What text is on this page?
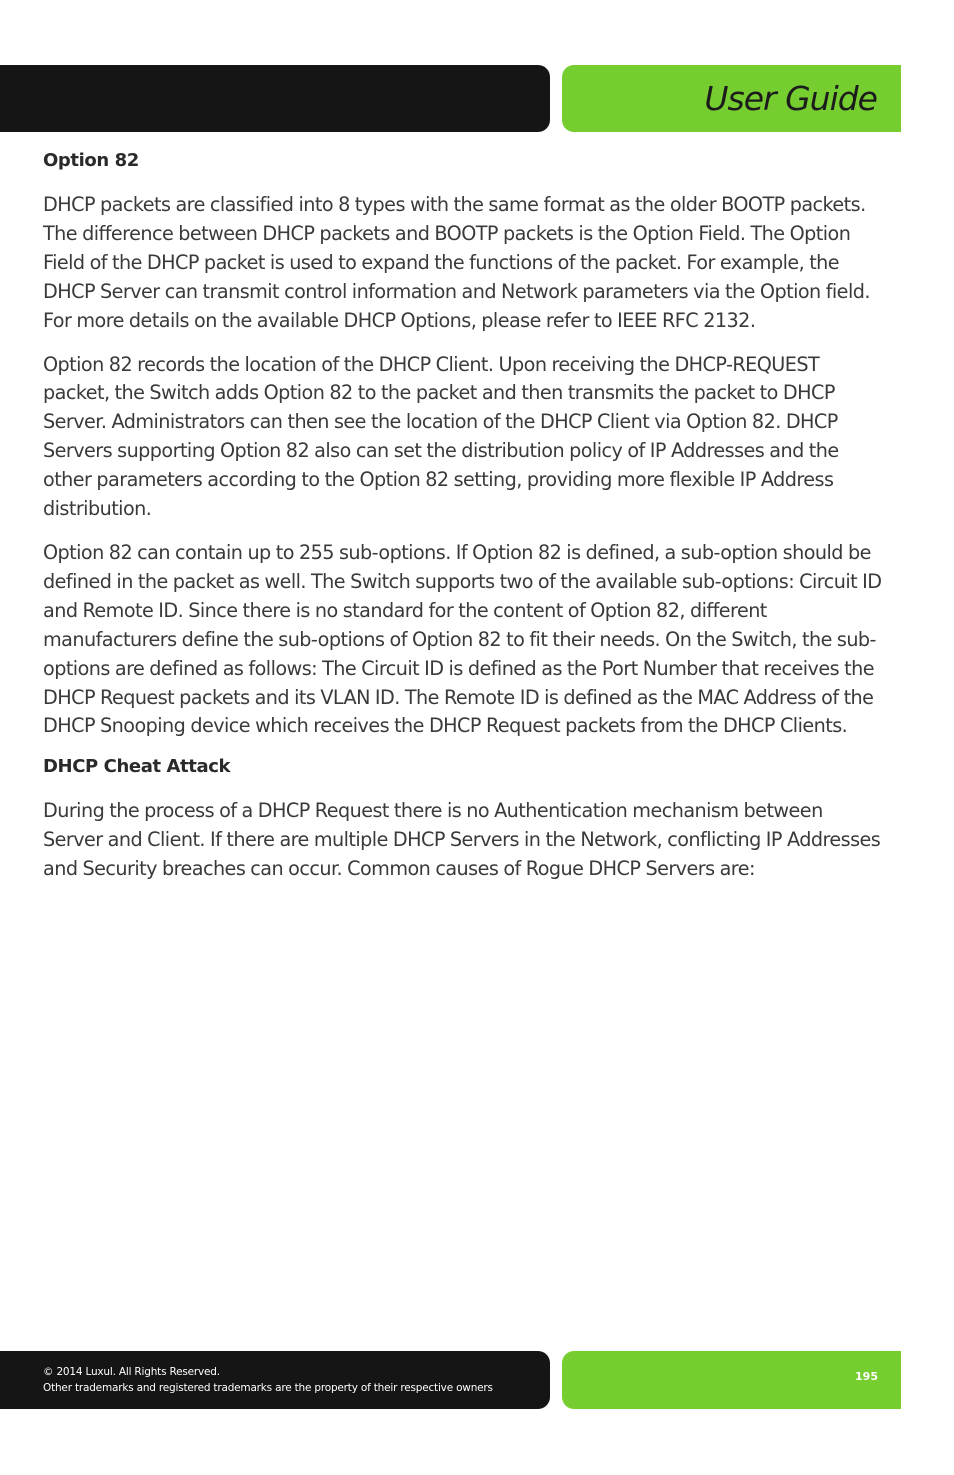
User Guide
Option 82

DHCP packets are classified into 8 types with the same format as the older BOOTP packets. The difference between DHCP packets and BOOTP packets is the Option Field. The Option Field of the DHCP packet is used to expand the functions of the packet. For example, the DHCP Server can transmit control information and Network parameters via the Option field. For more details on the available DHCP Options, please refer to IEEE RFC 2132.

Option 82 records the location of the DHCP Client. Upon receiving the DHCP-REQUEST packet, the Switch adds Option 82 to the packet and then transmits the packet to DHCP Server. Administrators can then see the location of the DHCP Client via Option 82. DHCP Servers supporting Option 82 also can set the distribution policy of IP Addresses and the other parameters according to the Option 82 setting, providing more flexible IP Address distribution.

Option 82 can contain up to 255 sub-options. If Option 82 is defined, a sub-option should be defined in the packet as well. The Switch supports two of the available sub-options: Circuit ID and Remote ID. Since there is no standard for the content of Option 82, different manufacturers define the sub-options of Option 82 to fit their needs. On the Switch, the sub-options are defined as follows: The Circuit ID is defined as the Port Number that receives the DHCP Request packets and its VLAN ID. The Remote ID is defined as the MAC Address of the DHCP Snooping device which receives the DHCP Request packets from the DHCP Clients.

DHCP Cheat Attack

During the process of a DHCP Request there is no Authentication mechanism between Server and Client. If there are multiple DHCP Servers in the Network, conflicting IP Addresses and Security breaches can occur. Common causes of Rogue DHCP Servers are:

© 2014 Luxul. All Rights Reserved.
Other trademarks and registered trademarks are the property of their respective owners
195
